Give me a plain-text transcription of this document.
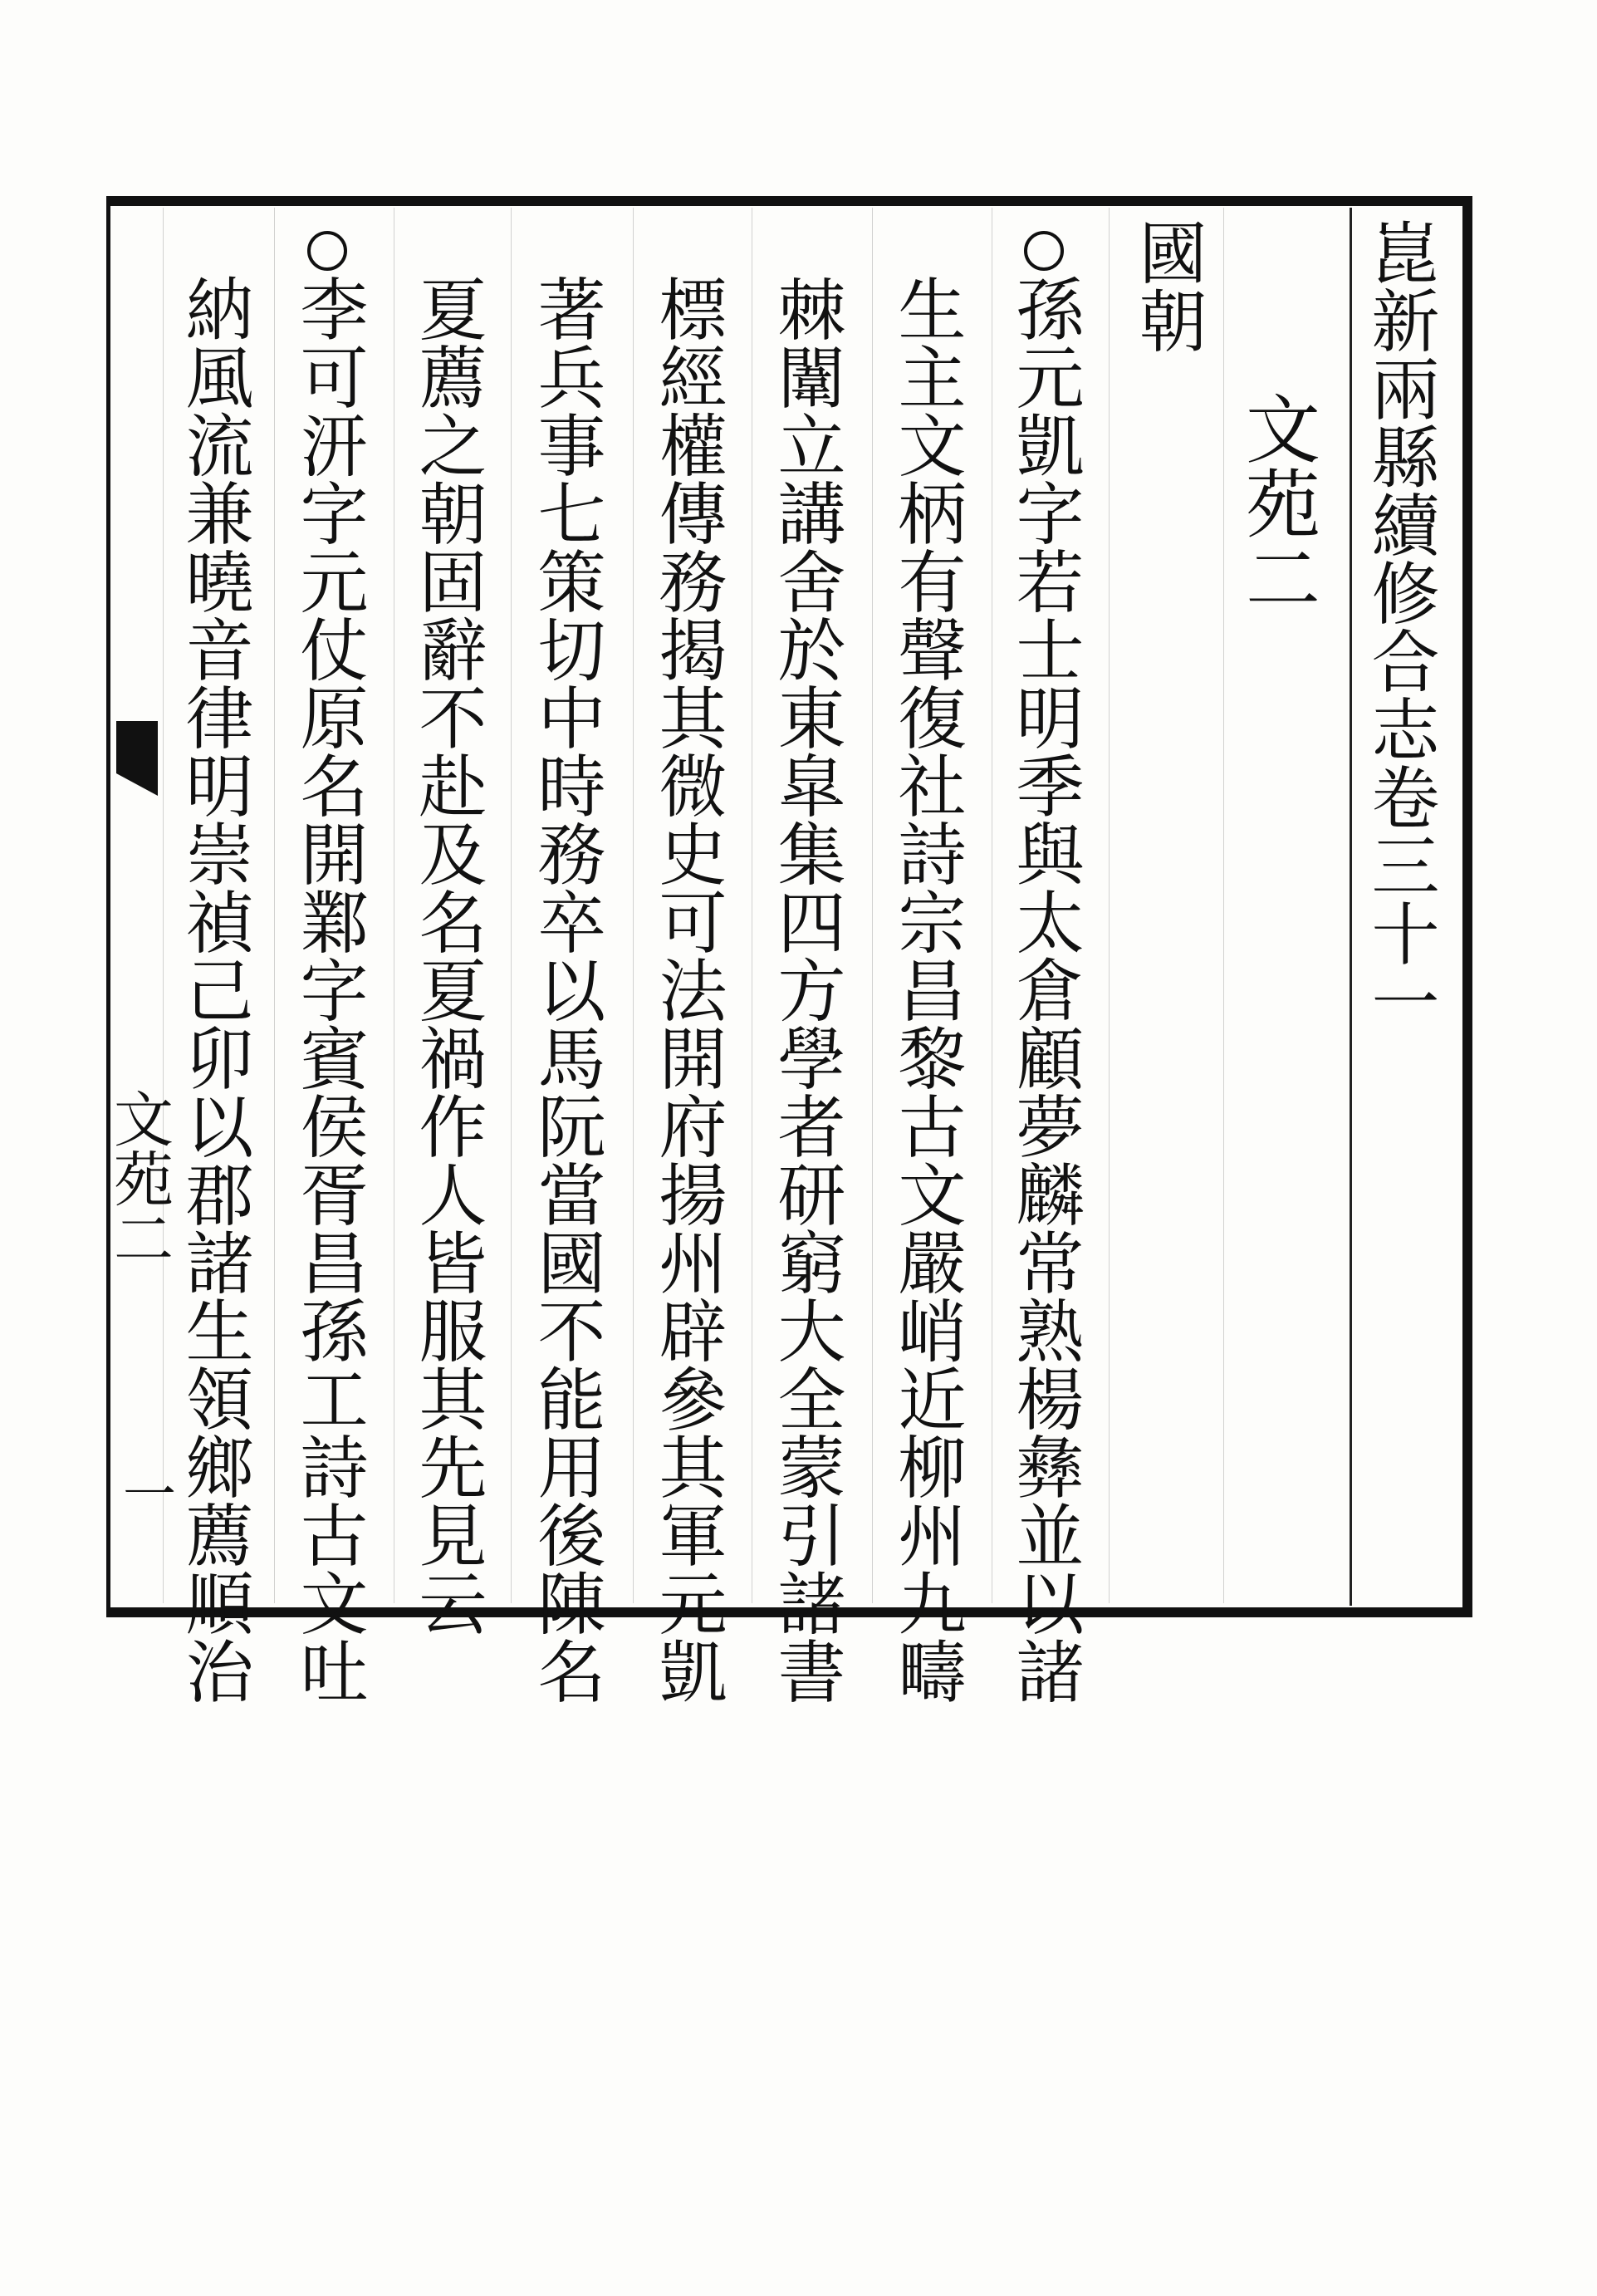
崑新兩縣續修合志卷三十一
文苑二
國朝
孫元凱字若士明季與太倉顧夢麟常熟楊彝並以諸
生主文柄有聲復社詩宗昌黎古文嚴峭近柳州九疇
棘闈立講舍於東皐集四方學者研窮大全蒙引諸書
標經權傳務揭其微史可法開府揚州辟參其軍元凱
著兵事七策切中時務卒以馬阮當國不能用後陳名
夏薦之朝固辭不赴及名夏禍作人皆服其先見云
李可汧字元仗原名開鄴字賓侯胥昌孫工詩古文吐
納風流兼曉音律明崇禎己卯以郡諸生領鄉薦順治
文苑二
一
